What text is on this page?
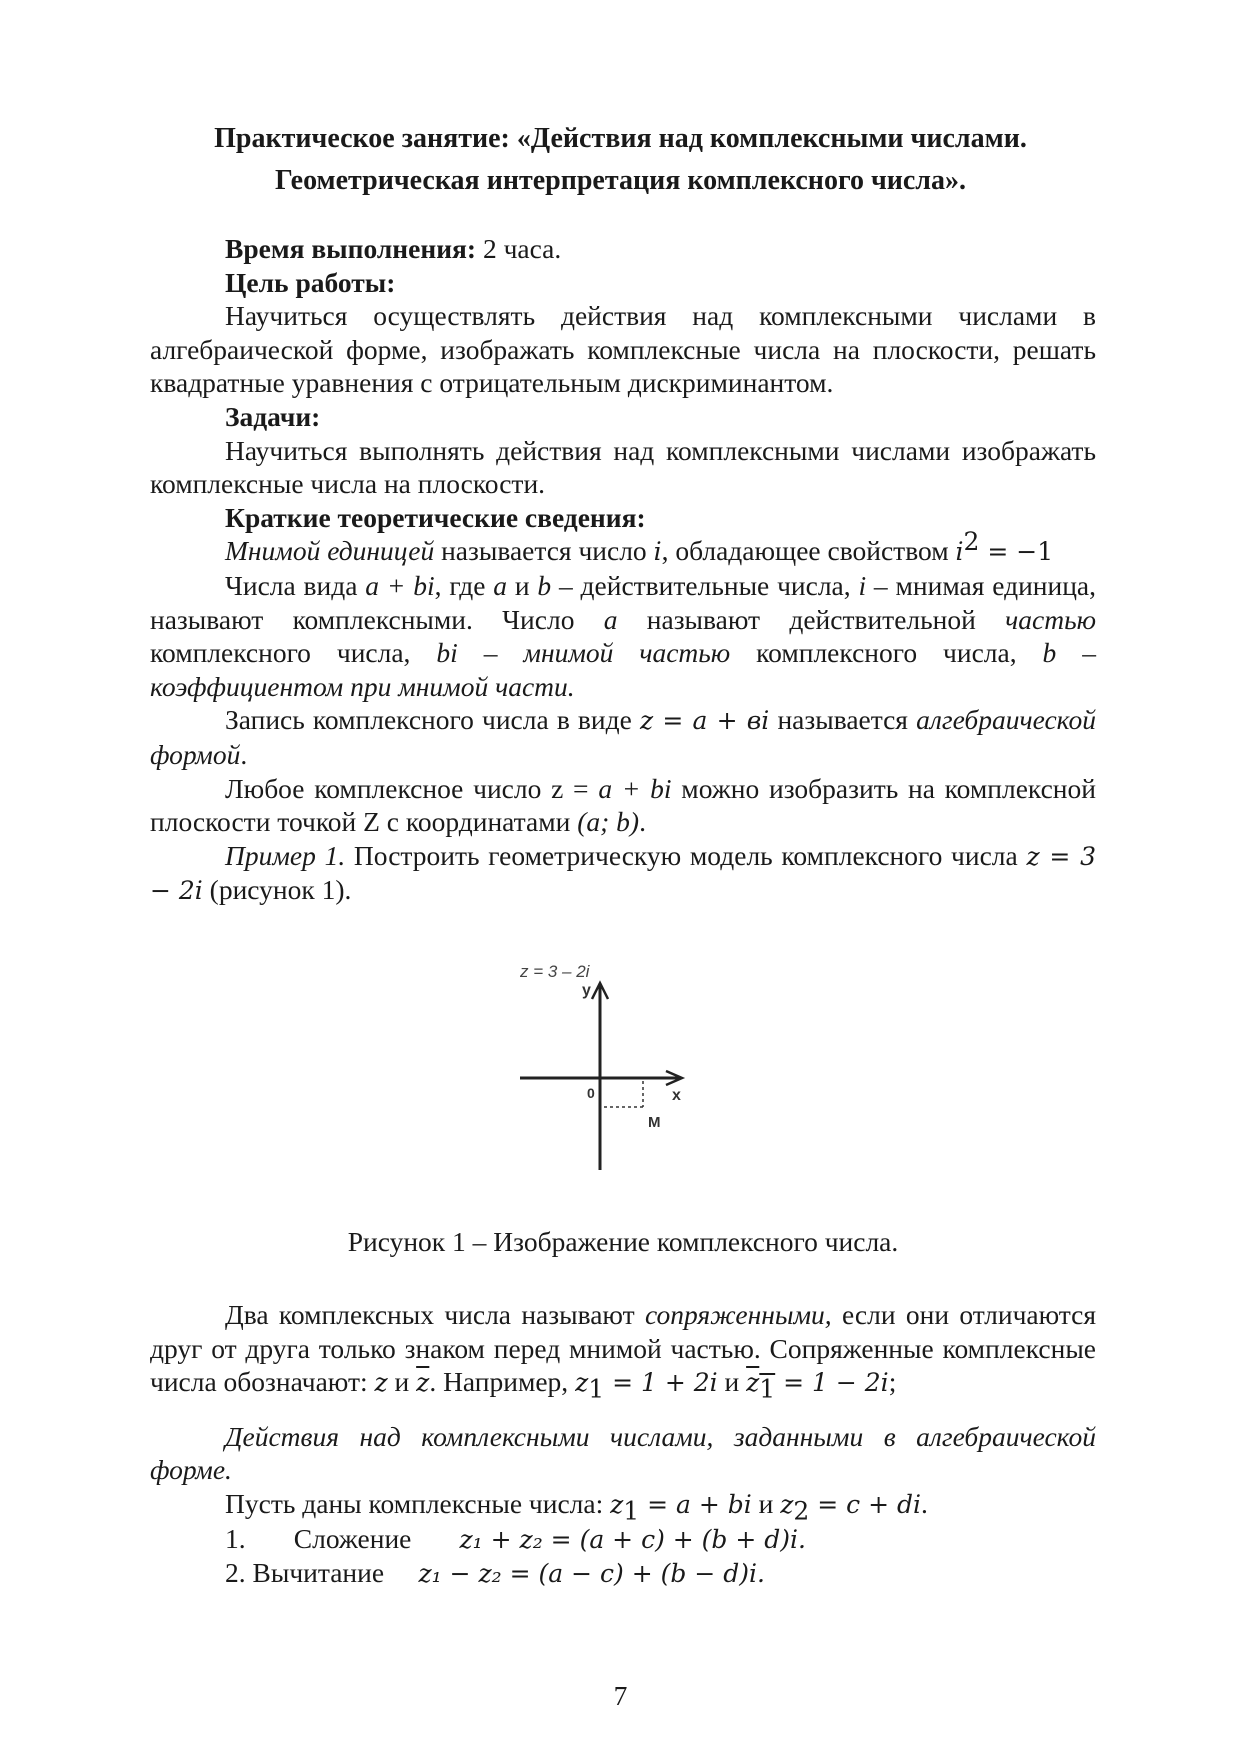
Практическое занятие: «Действия над комплексными числами.
Геометрическая интерпретация комплексного числа».
Время выполнения: 2 часа.
Цель работы:
Научиться осуществлять действия над комплексными числами в алгебраической форме, изображать комплексные числа на плоскости, решать квадратные уравнения с отрицательным дискриминантом.
Задачи:
Научиться выполнять действия над комплексными числами изображать комплексные числа на плоскости.
Краткие теоретические сведения:
Мнимой единицей называется число i, обладающее свойством $i^2 = -1$
Числа вида a + bi, где a и b – действительные числа, i – мнимая единица, называют комплексными. Число a называют действительной частью комплексного числа, bi – мнимой частью комплексного числа, b – коэффициентом при мнимой части.
Запись комплексного числа в виде z = a + вi называется алгебраической формой.
Любое комплексное число z = a + bi можно изобразить на комплексной плоскости точкой Z с координатами (a; b).
Пример 1. Построить геометрическую модель комплексного числа z = 3 − 2i (рисунок 1).
z = 3 – 2i
y
x
0
M
Рисунок 1 – Изображение комплексного числа.
Два комплексных числа называют сопряженными, если они отличаются друг от друга только знаком перед мнимой частью. Сопряженные комплексные числа обозначают: z и $\overline{z}$. Например, $z_1 = 1 + 2i$ и $z_1 = 1 - 2i$;
Действия над комплексными числами, заданными в алгебраической форме.
Пусть даны комплексные числа: $z_1 = a$ + bi и $z_2 = c$ + di.
1.       Сложение       z₁ + z₂ = (a + c) + (b + d)i.
2. Вычитание     z₁ − z₂ = (a − c) + (b − d)i.
7
